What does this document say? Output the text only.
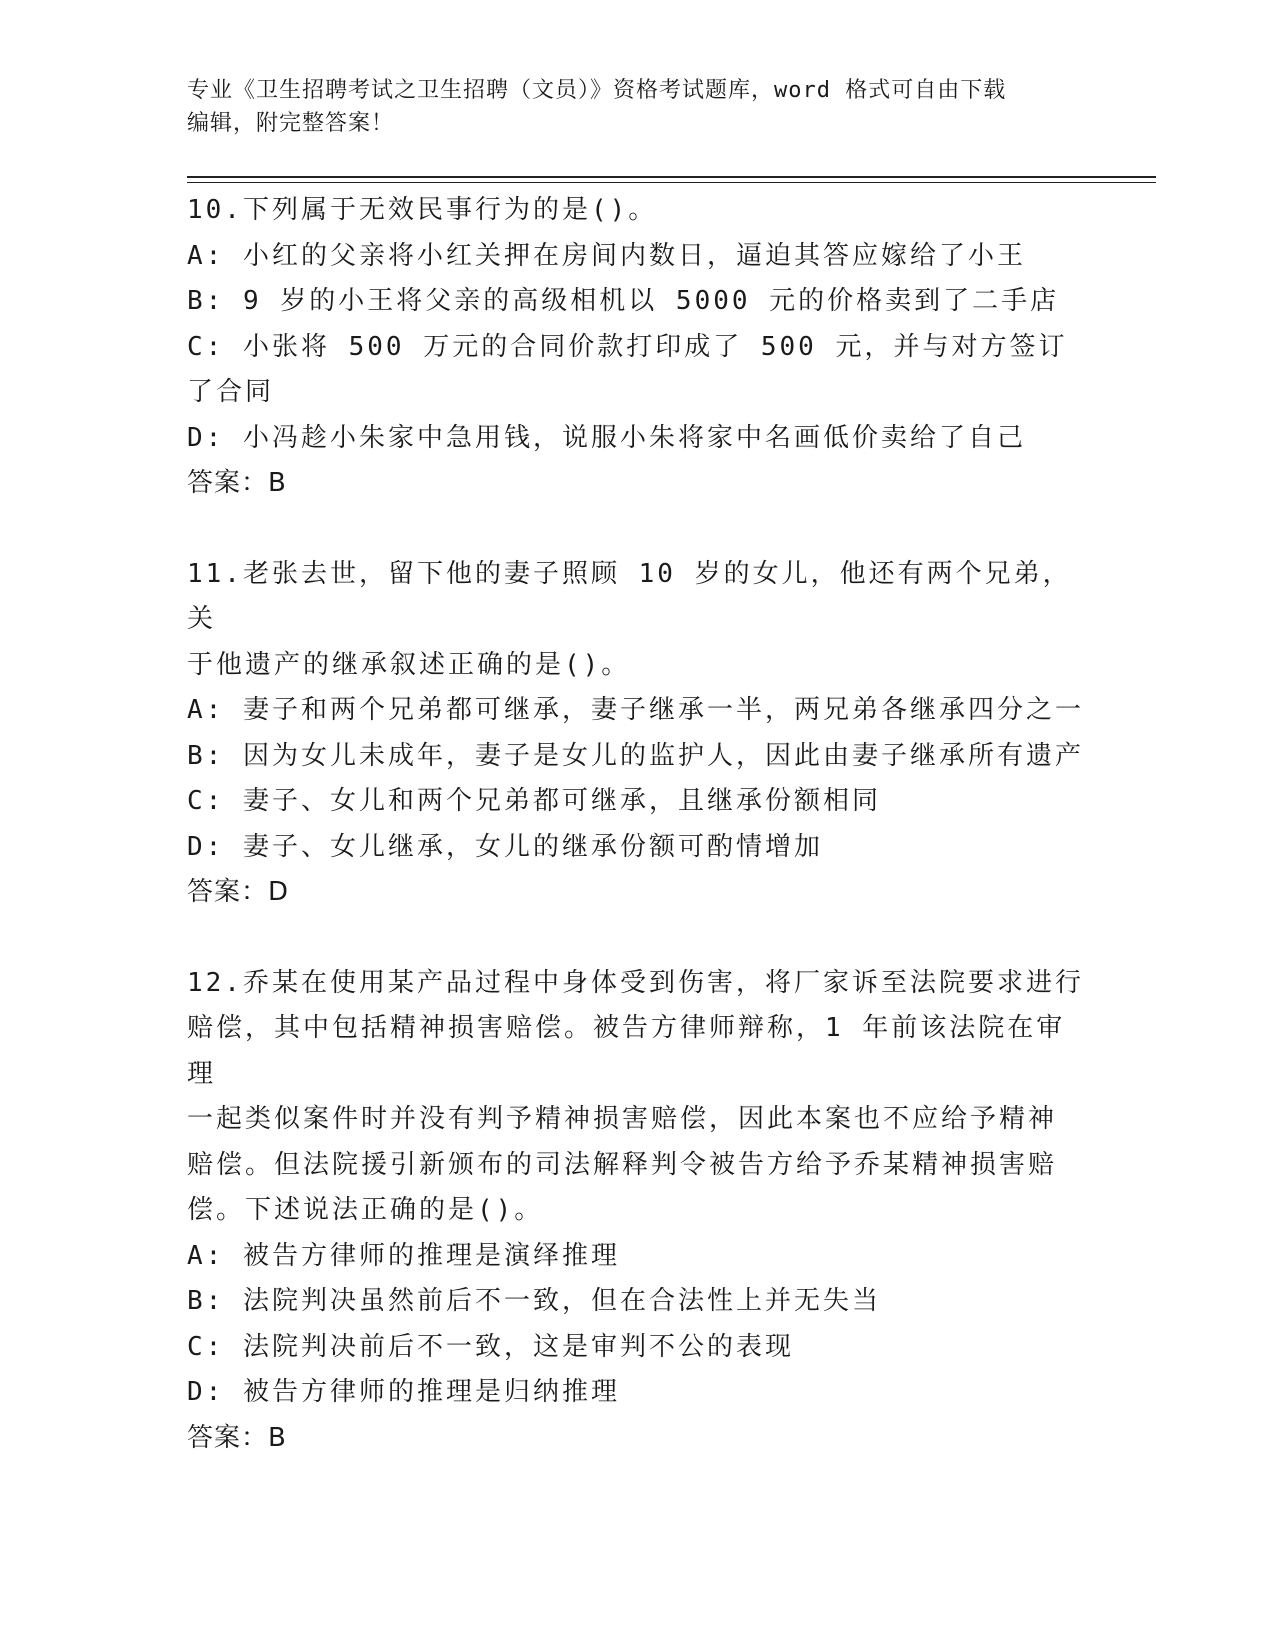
专业《卫生招聘考试之卫生招聘（文员）》资格考试题库，word 格式可自由下载
编辑，附完整答案！

10.下列属于无效民事行为的是()。

A: 小红的父亲将小红关押在房间内数日，逼迫其答应嫁给了小王

B: 9 岁的小王将父亲的高级相机以 5000 元的价格卖到了二手店

C: 小张将 500 万元的合同价款打印成了 500 元，并与对方签订了合同

D: 小冯趁小朱家中急用钱，说服小朱将家中名画低价卖给了自己

答案：B

11.老张去世，留下他的妻子照顾 10 岁的女儿，他还有两个兄弟，关

于他遗产的继承叙述正确的是()。

A: 妻子和两个兄弟都可继承，妻子继承一半，两兄弟各继承四分之一

B: 因为女儿未成年，妻子是女儿的监护人，因此由妻子继承所有遗产

C: 妻子、女儿和两个兄弟都可继承，且继承份额相同

D: 妻子、女儿继承，女儿的继承份额可酌情增加

答案：D

12.乔某在使用某产品过程中身体受到伤害，将厂家诉至法院要求进行

赔偿，其中包括精神损害赔偿。被告方律师辩称，1 年前该法院在审理

一起类似案件时并没有判予精神损害赔偿，因此本案也不应给予精神

赔偿。但法院援引新颁布的司法解释判令被告方给予乔某精神损害赔

偿。下述说法正确的是()。

A: 被告方律师的推理是演绎推理

B: 法院判决虽然前后不一致，但在合法性上并无失当

C: 法院判决前后不一致，这是审判不公的表现

D: 被告方律师的推理是归纳推理

答案：B
